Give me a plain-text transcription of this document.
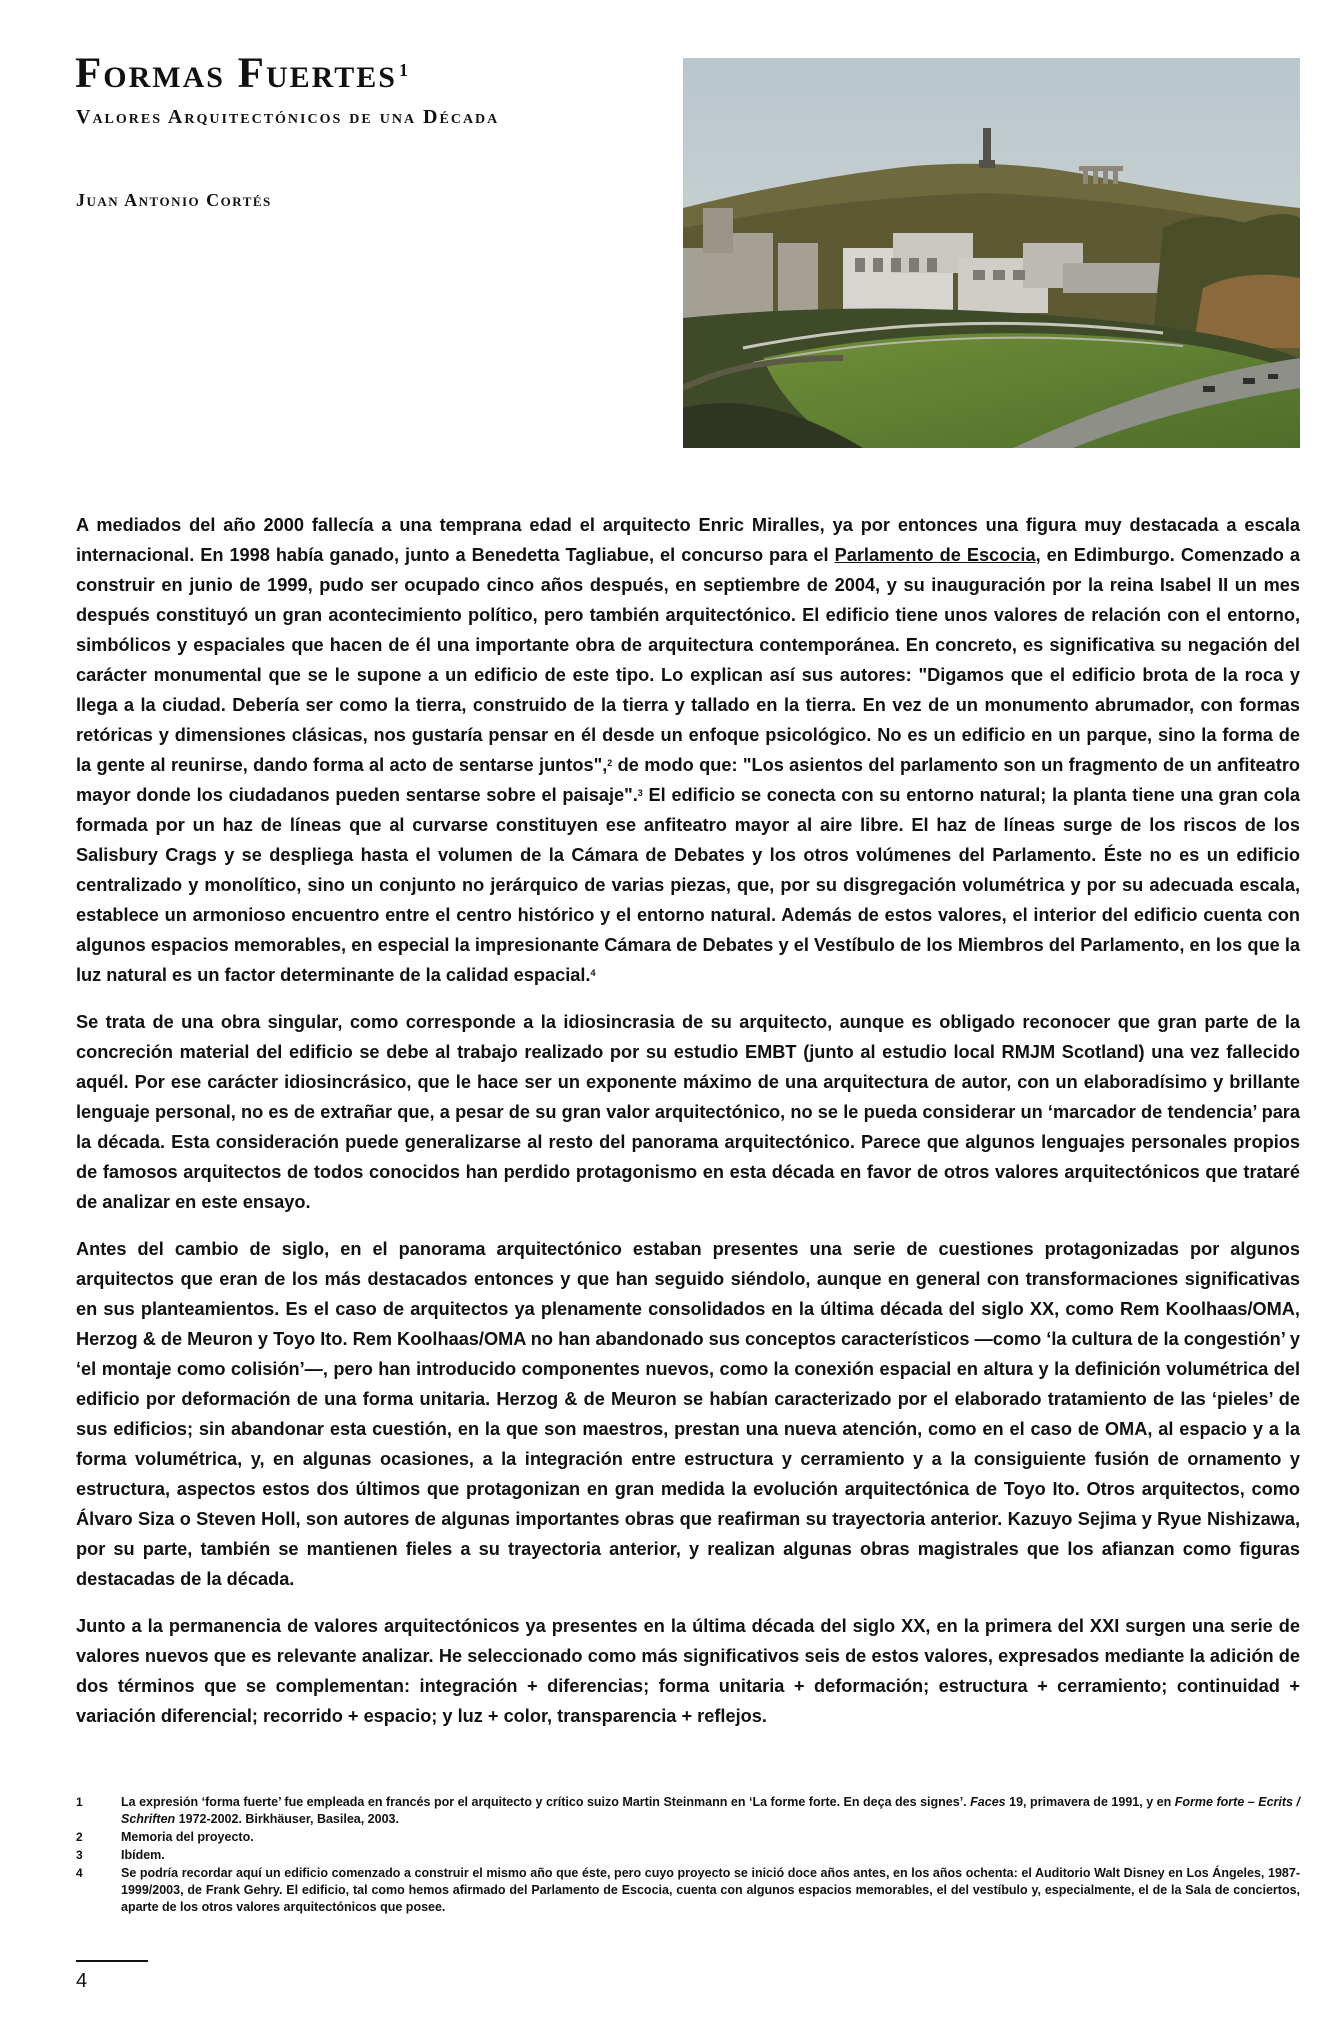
Formas Fuertes $^1$
Valores Arquitectónicos de una Década
Juan Antonio Cortés

A mediados del año 2000 fallecía a una temprana edad el arquitecto Enric Miralles, ya por entonces una figura muy destacada a escala internacional. En 1998 había ganado, junto a Benedetta Tagliabue, el concurso para el Parlamento de Escocia, en Edimburgo. Comenzado a construir en junio de 1999, pudo ser ocupado cinco años después, en septiembre de 2004, y su inauguración por la reina Isabel II un mes después constituyó un gran acontecimiento político, pero también arquitectónico. El edificio tiene unos valores de relación con el entorno, simbólicos y espaciales que hacen de él una importante obra de arquitectura contemporánea. En concreto, es significativa su negación del carácter monumental que se le supone a un edificio de este tipo. Lo explican así sus autores: "Digamos que el edificio brota de la roca y llega a la ciudad. Debería ser como la tierra, construido de la tierra y tallado en la tierra. En vez de un monumento abrumador, con formas retóricas y dimensiones clásicas, nos gustaría pensar en él desde un enfoque psicológico. No es un edificio en un parque, sino la forma de la gente al reunirse, dando forma al acto de sentarse juntos",$^2$ de modo que: "Los asientos del parlamento son un fragmento de un anfiteatro mayor donde los ciudadanos pueden sentarse sobre el paisaje".$^3$ El edificio se conecta con su entorno natural; la planta tiene una gran cola formada por un haz de líneas que al curvarse constituyen ese anfiteatro mayor al aire libre. El haz de líneas surge de los riscos de los Salisbury Crags y se despliega hasta el volumen de la Cámara de Debates y los otros volúmenes del Parlamento. Éste no es un edificio centralizado y monolítico, sino un conjunto no jerárquico de varias piezas, que, por su disgregación volumétrica y por su adecuada escala, establece un armonioso encuentro entre el centro histórico y el entorno natural. Además de estos valores, el interior del edificio cuenta con algunos espacios memorables, en especial la impresionante Cámara de Debates y el Vestíbulo de los Miembros del Parlamento, en los que la luz natural es un factor determinante de la calidad espacial.$^4$

Se trata de una obra singular, como corresponde a la idiosincrasia de su arquitecto, aunque es obligado reconocer que gran parte de la concreción material del edificio se debe al trabajo realizado por su estudio EMBT (junto al estudio local RMJM Scotland) una vez fallecido aquél. Por ese carácter idiosincrásico, que le hace ser un exponente máximo de una arquitectura de autor, con un elaboradísimo y brillante lenguaje personal, no es de extrañar que, a pesar de su gran valor arquitectónico, no se le pueda considerar un ‘marcador de tendencia’ para la década. Esta consideración puede generalizarse al resto del panorama arquitectónico. Parece que algunos lenguajes personales propios de famosos arquitectos de todos conocidos han perdido protagonismo en esta década en favor de otros valores arquitectónicos que trataré de analizar en este ensayo.

Antes del cambio de siglo, en el panorama arquitectónico estaban presentes una serie de cuestiones protagonizadas por algunos arquitectos que eran de los más destacados entonces y que han seguido siéndolo, aunque en general con transformaciones significativas en sus planteamientos. Es el caso de arquitectos ya plenamente consolidados en la última década del siglo XX, como Rem Koolhaas/OMA, Herzog & de Meuron y Toyo Ito. Rem Koolhaas/OMA no han abandonado sus conceptos característicos —como ‘la cultura de la congestión’ y ‘el montaje como colisión’—, pero han introducido componentes nuevos, como la conexión espacial en altura y la definición volumétrica del edificio por deformación de una forma unitaria. Herzog & de Meuron se habían caracterizado por el elaborado tratamiento de las ‘pieles’ de sus edificios; sin abandonar esta cuestión, en la que son maestros, prestan una nueva atención, como en el caso de OMA, al espacio y a la forma volumétrica, y, en algunas ocasiones, a la integración entre estructura y cerramiento y a la consiguiente fusión de ornamento y estructura, aspectos estos dos últimos que protagonizan en gran medida la evolución arquitectónica de Toyo Ito. Otros arquitectos, como Álvaro Siza o Steven Holl, son autores de algunas importantes obras que reafirman su trayectoria anterior. Kazuyo Sejima y Ryue Nishizawa, por su parte, también se mantienen fieles a su trayectoria anterior, y realizan algunas obras magistrales que los afianzan como figuras destacadas de la década.

Junto a la permanencia de valores arquitectónicos ya presentes en la última década del siglo XX, en la primera del XXI surgen una serie de valores nuevos que es relevante analizar. He seleccionado como más significativos seis de estos valores, expresados mediante la adición de dos términos que se complementan: integración + diferencias; forma unitaria + deformación; estructura + cerramiento; continuidad + variación diferencial; recorrido + espacio; y luz + color, transparencia + reflejos.

1	La expresión ‘forma fuerte’ fue empleada en francés por el arquitecto y crítico suizo Martin Steinmann en ‘La forme forte. En deça des signes’. Faces 19, primavera de 1991, y en Forme forte – Ecrits / Schriften 1972-2002. Birkhäuser, Basilea, 2003.
2	Memoria del proyecto.
3	Ibídem.
4	Se podría recordar aquí un edificio comenzado a construir el mismo año que éste, pero cuyo proyecto se inició doce años antes, en los años ochenta: el Auditorio Walt Disney en Los Ángeles, 1987-1999/2003, de Frank Gehry. El edificio, tal como hemos afirmado del Parlamento de Escocia, cuenta con algunos espacios memorables, el del vestíbulo y, especialmente, el de la Sala de conciertos, aparte de los otros valores arquitectónicos que posee.
4
